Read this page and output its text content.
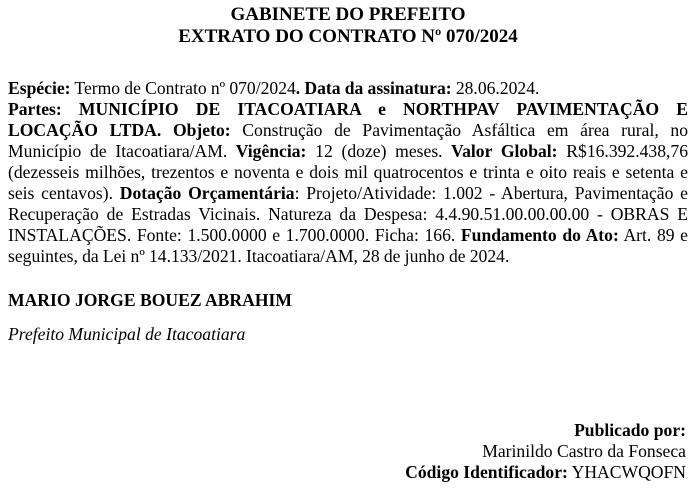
GABINETE DO PREFEITO
EXTRATO DO CONTRATO Nº 070/2024
Espécie: Termo de Contrato nº 070/2024. Data da assinatura: 28.06.2024.
Partes: MUNICÍPIO DE ITACOATIARA e NORTHPAV PAVIMENTAÇÃO E LOCAÇÃO LTDA. Objeto: Construção de Pavimentação Asfáltica em área rural, no Município de Itacoatiara/AM. Vigência: 12 (doze) meses. Valor Global: R$16.392.438,76 (dezesseis milhões, trezentos e noventa e dois mil quatrocentos e trinta e oito reais e setenta e seis centavos). Dotação Orçamentária: Projeto/Atividade: 1.002 - Abertura, Pavimentação e Recuperação de Estradas Vicinais. Natureza da Despesa: 4.4.90.51.00.00.00.00 - OBRAS E INSTALAÇÕES. Fonte: 1.500.0000 e 1.700.0000. Ficha: 166. Fundamento do Ato: Art. 89 e seguintes, da Lei nº 14.133/2021. Itacoatiara/AM, 28 de junho de 2024.
MARIO JORGE BOUEZ ABRAHIM
Prefeito Municipal de Itacoatiara
Publicado por:
Marinildo Castro da Fonseca
Código Identificador: YHACWQOFN
